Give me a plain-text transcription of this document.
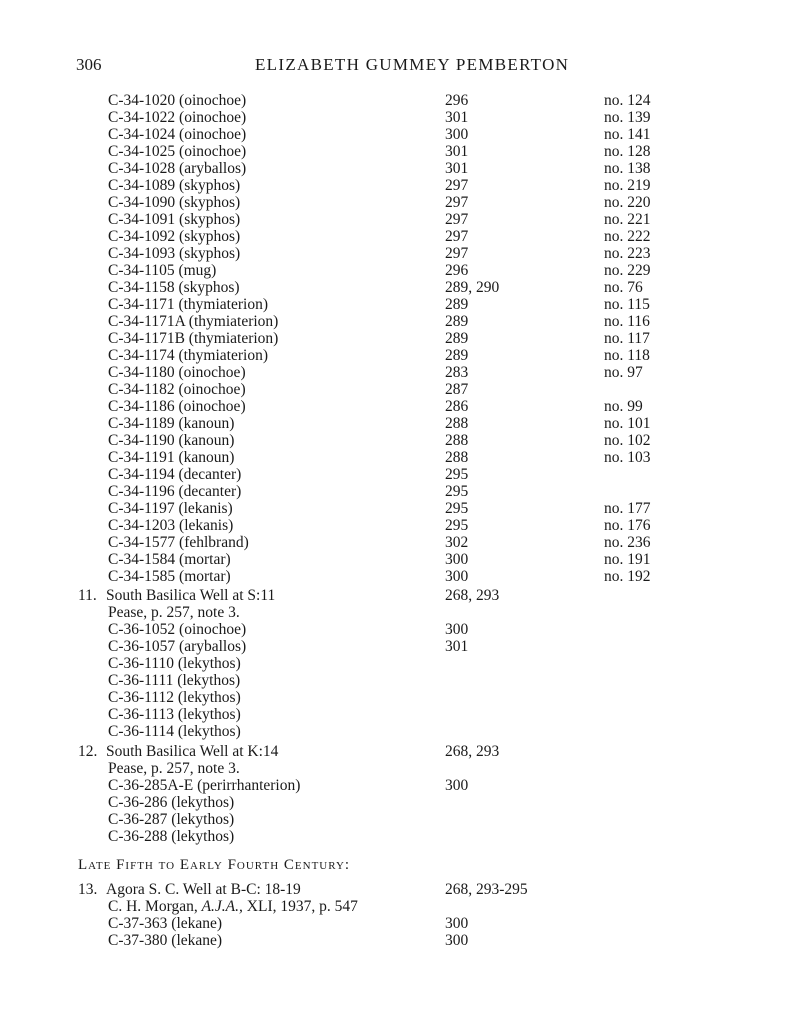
306	ELIZABETH GUMMEY PEMBERTON
C-34-1020 (oinochoe)	296	no. 124
C-34-1022 (oinochoe)	301	no. 139
C-34-1024 (oinochoe)	300	no. 141
C-34-1025 (oinochoe)	301	no. 128
C-34-1028 (aryballos)	301	no. 138
C-34-1089 (skyphos)	297	no. 219
C-34-1090 (skyphos)	297	no. 220
C-34-1091 (skyphos)	297	no. 221
C-34-1092 (skyphos)	297	no. 222
C-34-1093 (skyphos)	297	no. 223
C-34-1105 (mug)	296	no. 229
C-34-1158 (skyphos)	289, 290	no. 76
C-34-1171 (thymiaterion)	289	no. 115
C-34-1171A (thymiaterion)	289	no. 116
C-34-1171B (thymiaterion)	289	no. 117
C-34-1174 (thymiaterion)	289	no. 118
C-34-1180 (oinochoe)	283	no. 97
C-34-1182 (oinochoe)	287
C-34-1186 (oinochoe)	286	no. 99
C-34-1189 (kanoun)	288	no. 101
C-34-1190 (kanoun)	288	no. 102
C-34-1191 (kanoun)	288	no. 103
C-34-1194 (decanter)	295
C-34-1196 (decanter)	295
C-34-1197 (lekanis)	295	no. 177
C-34-1203 (lekanis)	295	no. 176
C-34-1577 (fehlbrand)	302	no. 236
C-34-1584 (mortar)	300	no. 191
C-34-1585 (mortar)	300	no. 192
11. South Basilica Well at S:11	268, 293
Pease, p. 257, note 3.
C-36-1052 (oinochoe)	300
C-36-1057 (aryballos)	301
C-36-1110 (lekythos)
C-36-1111 (lekythos)
C-36-1112 (lekythos)
C-36-1113 (lekythos)
C-36-1114 (lekythos)
12. South Basilica Well at K:14	268, 293
Pease, p. 257, note 3.
C-36-285A-E (perirrhanterion)	300
C-36-286 (lekythos)
C-36-287 (lekythos)
C-36-288 (lekythos)
Late Fifth to Early Fourth Century:
13. Agora S. C. Well at B-C: 18-19	268, 293-295
C. H. Morgan, A.J.A., XLI, 1937, p. 547
C-37-363 (lekane)	300
C-37-380 (lekane)	300
